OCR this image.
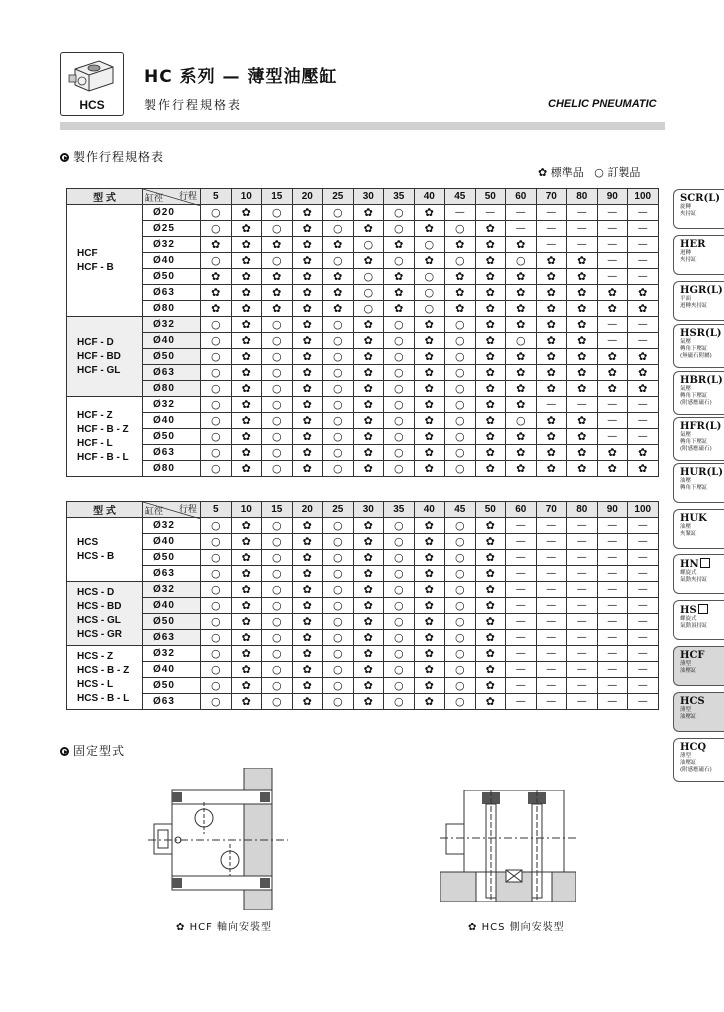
HCS
HC 系列 — 薄型油壓缸
製作行程規格表	CHELIC PNEUMATIC
製作行程規格表
✿ 標準品 ○ 訂製品
型 式	行程
缸徑	5	10	15	20	25	30	35	40	45	50	60	70	80	90	100

HCF
HCF - B	Ø20	○	✿	○	✿	○	✿	○	✿	—	—	—	—	—	—	—
	Ø25	○	✿	○	✿	○	✿	○	✿	○	✿	—	—	—	—	—
	Ø32	✿	✿	✿	✿	✿	○	✿	○	✿	✿	✿	—	—	—	—
	Ø40	○	✿	○	✿	○	✿	○	✿	○	✿	○	✿	✿	—	—
	Ø50	✿	✿	✿	✿	✿	○	✿	○	✿	✿	✿	✿	✿	—	—
	Ø63	✿	✿	✿	✿	✿	○	✿	○	✿	✿	✿	✿	✿	✿	✿
	Ø80	✿	✿	✿	✿	✿	○	✿	○	✿	✿	✿	✿	✿	✿	✿

HCF - D
HCF - BD
HCF - GL	Ø32	○	✿	○	✿	○	✿	○	✿	○	✿	✿	✿	✿	—	—
	Ø40	○	✿	○	✿	○	✿	○	✿	○	✿	○	✿	✿	—	—
	Ø50	○	✿	○	✿	○	✿	○	✿	○	✿	✿	✿	✿	✿	✿
	Ø63	○	✿	○	✿	○	✿	○	✿	○	✿	✿	✿	✿	✿	✿
	Ø80	○	✿	○	✿	○	✿	○	✿	○	✿	✿	✿	✿	✿	✿

HCF - Z
HCF - B - Z
HCF - L
HCF - B - L	Ø32	○	✿	○	✿	○	✿	○	✿	○	✿	✿	—	—	—	—
	Ø40	○	✿	○	✿	○	✿	○	✿	○	✿	○	✿	✿	—	—
	Ø50	○	✿	○	✿	○	✿	○	✿	○	✿	✿	✿	✿	—	—
	Ø63	○	✿	○	✿	○	✿	○	✿	○	✿	✿	✿	✿	✿	✿
	Ø80	○	✿	○	✿	○	✿	○	✿	○	✿	✿	✿	✿	✿	✿
型 式	行程
缸徑	5	10	15	20	25	30	35	40	45	50	60	70	80	90	100

HCS
HCS - B	Ø32	○	✿	○	✿	○	✿	○	✿	○	✿	—	—	—	—	—
	Ø40	○	✿	○	✿	○	✿	○	✿	○	✿	—	—	—	—	—
	Ø50	○	✿	○	✿	○	✿	○	✿	○	✿	—	—	—	—	—
	Ø63	○	✿	○	✿	○	✿	○	✿	○	✿	—	—	—	—	—

HCS - D
HCS - BD
HCS - GL
HCS - GR	Ø32	○	✿	○	✿	○	✿	○	✿	○	✿	—	—	—	—	—
	Ø40	○	✿	○	✿	○	✿	○	✿	○	✿	—	—	—	—	—
	Ø50	○	✿	○	✿	○	✿	○	✿	○	✿	—	—	—	—	—
	Ø63	○	✿	○	✿	○	✿	○	✿	○	✿	—	—	—	—	—

HCS - Z
HCS - B - Z
HCS - L
HCS - B - L	Ø32	○	✿	○	✿	○	✿	○	✿	○	✿	—	—	—	—	—
	Ø40	○	✿	○	✿	○	✿	○	✿	○	✿	—	—	—	—	—
	Ø50	○	✿	○	✿	○	✿	○	✿	○	✿	—	—	—	—	—
	Ø63	○	✿	○	✿	○	✿	○	✿	○	✿	—	—	—	—	—
固定型式
✿ HCF 軸向安裝型	✿ HCS 側向安裝型
SCR(L)
旋轉
夾持缸
HER
迴轉
夾持缸
HGR(L)
平面
迴轉夾持缸
HSR(L)
氣壓
轉角下壓缸
(無磁石附屬)
HBR(L)
氣壓
轉角下壓缸
(附感應磁石)
HFR(L)
氣壓
轉角下壓缸
(附感應磁石)
HUR(L)
油壓
轉角下壓缸
HUK
油壓
夾緊缸
HN
螺旋式
氣動夾持缸
HS
螺旋式
氣動頂持缸
HCF
薄型
油壓缸
HCS
薄型
油壓缸
HCQ
薄型
油壓缸
(附感應磁石)
